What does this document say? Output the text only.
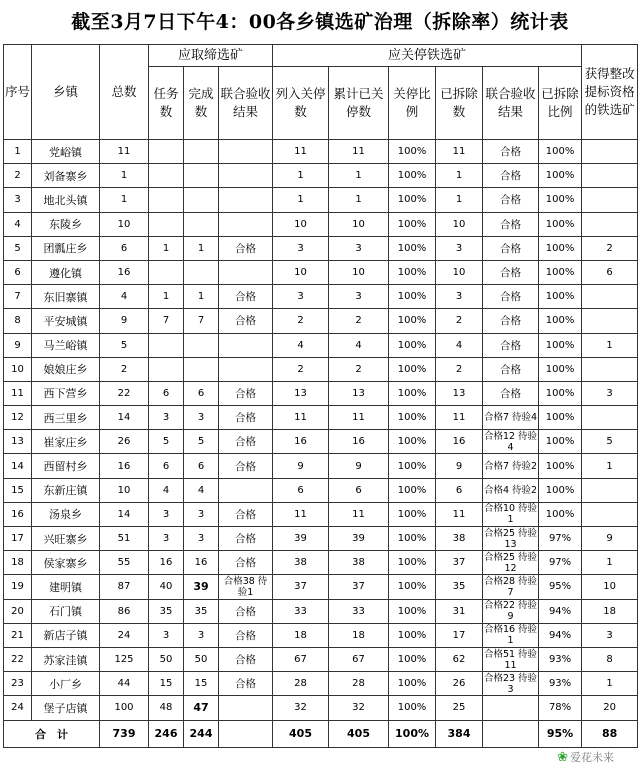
截至3月7日下午4：00各乡镇选矿治理（拆除率）统计表
序号	乡镇	总数	应取缔选矿			应关停铁选矿						获得整改提标资格的铁选矿
			任务数	完成数	联合验收结果	列入关停数	累计已关停数	关停比例	已拆除数	联合验收结果	已拆除比例	
1	党峪镇	11				11	11	100%	11	合格	100%	
2	刘备寨乡	1				1	1	100%	1	合格	100%	
3	地北头镇	1				1	1	100%	1	合格	100%	
4	东陵乡	10				10	10	100%	10	合格	100%	
5	团瓢庄乡	6	1	1	合格	3	3	100%	3	合格	100%	2
6	遵化镇	16				10	10	100%	10	合格	100%	6
7	东旧寨镇	4	1	1	合格	3	3	100%	3	合格	100%	
8	平安城镇	9	7	7	合格	2	2	100%	2	合格	100%	
9	马兰峪镇	5				4	4	100%	4	合格	100%	1
10	娘娘庄乡	2				2	2	100%	2	合格	100%	
11	西下营乡	22	6	6	合格	13	13	100%	13	合格	100%	3
12	西三里乡	14	3	3	合格	11	11	100%	11	合格7 待验4	100%	
13	崔家庄乡	26	5	5	合格	16	16	100%	16	合格12 待验4	100%	5
14	西留村乡	16	6	6	合格	9	9	100%	9	合格7 待验2	100%	1
15	东新庄镇	10	4	4		6	6	100%	6	合格4 待验2	100%	
16	汤泉乡	14	3	3	合格	11	11	100%	11	合格10 待验1	100%	
17	兴旺寨乡	51	3	3	合格	39	39	100%	38	合格25 待验13	97%	9
18	侯家寨乡	55	16	16	合格	38	38	100%	37	合格25 待验12	97%	1
19	建明镇	87	40	39	合格38 待验1	37	37	100%	35	合格28 待验7	95%	10
20	石门镇	86	35	35	合格	33	33	100%	31	合格22 待验9	94%	18
21	新店子镇	24	3	3	合格	18	18	100%	17	合格16 待验1	94%	3
22	苏家洼镇	125	50	50	合格	67	67	100%	62	合格51 待验11	93%	8
23	小厂乡	44	15	15	合格	28	28	100%	26	合格23 待验3	93%	1
24	堡子店镇	100	48	47		32	32	100%	25		78%	20
合　计		739	246	244		405	405	100%	384		95%	88
❀ 爱花未来
